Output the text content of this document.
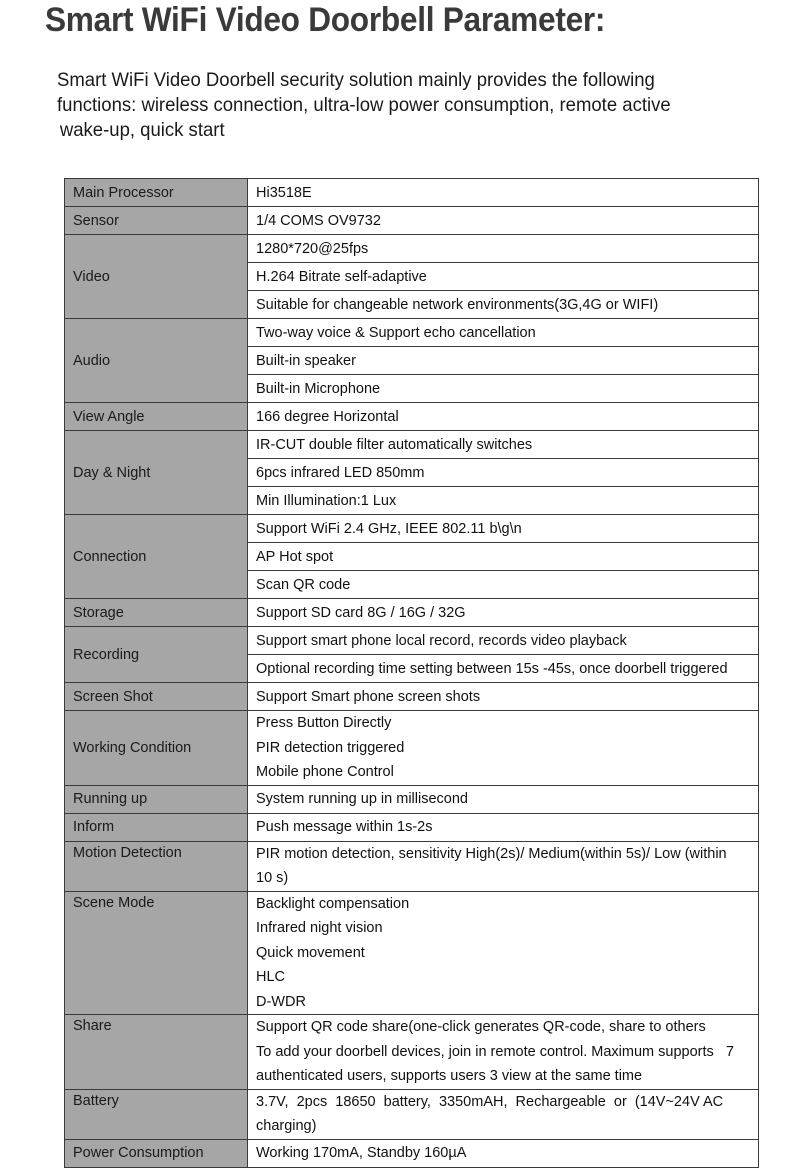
Smart WiFi Video Doorbell Parameter:
Smart WiFi Video Doorbell security solution mainly provides the following
functions: wireless connection, ultra-low power consumption, remote active
wake-up, quick start
Main Processor	Hi3518E
Sensor	1/4 COMS OV9732
Video	1280*720@25fps
	H.264 Bitrate self-adaptive
	Suitable for changeable network environments(3G,4G or WIFI)
Audio	Two-way voice & Support echo cancellation
	Built-in speaker
	Built-in Microphone
View Angle	166 degree Horizontal
Day & Night	IR-CUT double filter automatically switches
	6pcs infrared LED 850mm
	Min Illumination:1 Lux
Connection	Support WiFi 2.4 GHz, IEEE 802.11 b\g\n
	AP Hot spot
	Scan QR code
Storage	Support SD card 8G / 16G / 32G
Recording	Support smart phone local record, records video playback
	Optional recording time setting between 15s -45s, once doorbell triggered
Screen Shot	Support Smart phone screen shots
Working Condition	Press Button Directly
PIR detection triggered
Mobile phone Control

Running up	System running up in millisecond
Inform	Push message within 1s-2s
Motion Detection	PIR motion detection, sensitivity High(2s)/ Medium(within 5s)/ Low (within
10 s)

Scene Mode	Backlight compensation
Infrared night vision
Quick movement
HLC
D-WDR

Share	Support QR code share(one-click generates QR-code, share to others
To add your doorbell devices, join in remote control. Maximum supports   7
authenticated users, supports users 3 view at the same time

Battery	3.7V,  2pcs  18650  battery,  3350mAH,  Rechargeable  or  (14V~24V AC
charging)

Power Consumption	Working 170mA, Standby 160µA
